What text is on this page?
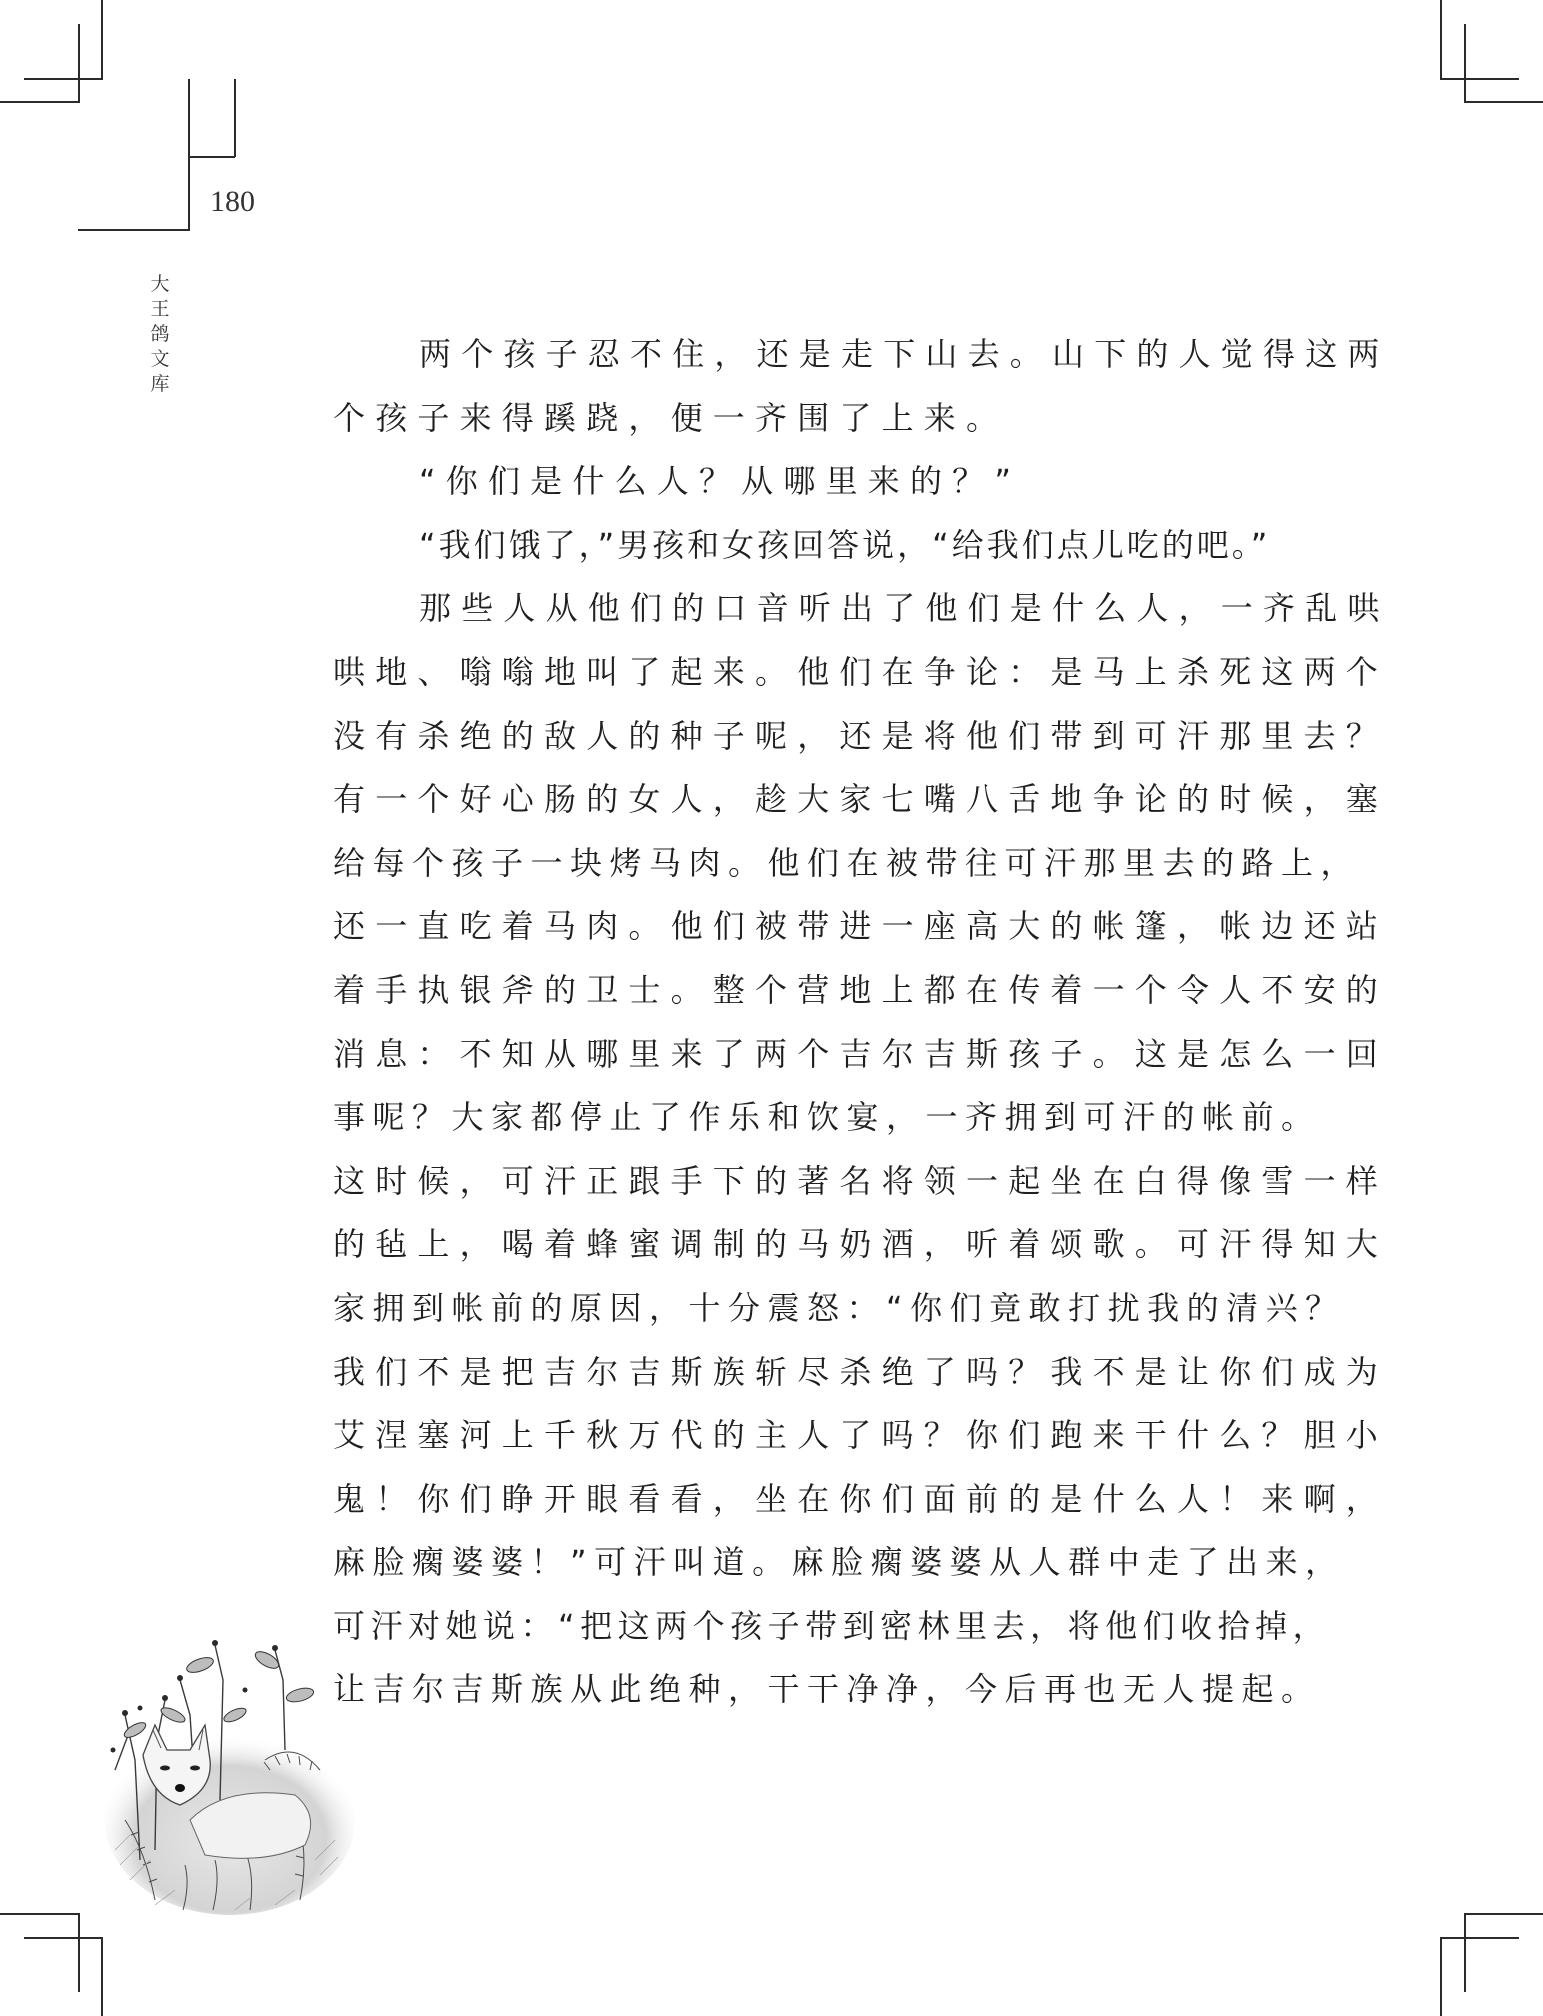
180
大
王
鸽
文
库

两个孩子忍不住，还是走下山去。山下的人觉得这两
个孩子来得蹊跷，便一齐围了上来。
“你们是什么人？从哪里来的？”
“我们饿了，”男孩和女孩回答说，“给我们点儿吃的吧。”
那些人从他们的口音听出了他们是什么人，一齐乱哄
哄地、嗡嗡地叫了起来。他们在争论：是马上杀死这两个
没有杀绝的敌人的种子呢，还是将他们带到可汗那里去？
有一个好心肠的女人，趁大家七嘴八舌地争论的时候，塞
给每个孩子一块烤马肉。他们在被带往可汗那里去的路上，
还一直吃着马肉。他们被带进一座高大的帐篷，帐边还站
着手执银斧的卫士。整个营地上都在传着一个令人不安的
消息：不知从哪里来了两个吉尔吉斯孩子。这是怎么一回
事呢？大家都停止了作乐和饮宴，一齐拥到可汗的帐前。
这时候，可汗正跟手下的著名将领一起坐在白得像雪一样
的毡上，喝着蜂蜜调制的马奶酒，听着颂歌。可汗得知大
家拥到帐前的原因，十分震怒：“你们竟敢打扰我的清兴？
我们不是把吉尔吉斯族斩尽杀绝了吗？我不是让你们成为
艾涅塞河上千秋万代的主人了吗？你们跑来干什么？胆小
鬼！你们睁开眼看看，坐在你们面前的是什么人！来啊，
麻脸瘸婆婆！”可汗叫道。麻脸瘸婆婆从人群中走了出来，
可汗对她说：“把这两个孩子带到密林里去，将他们收拾掉，
让吉尔吉斯族从此绝种，干干净净，今后再也无人提起。
